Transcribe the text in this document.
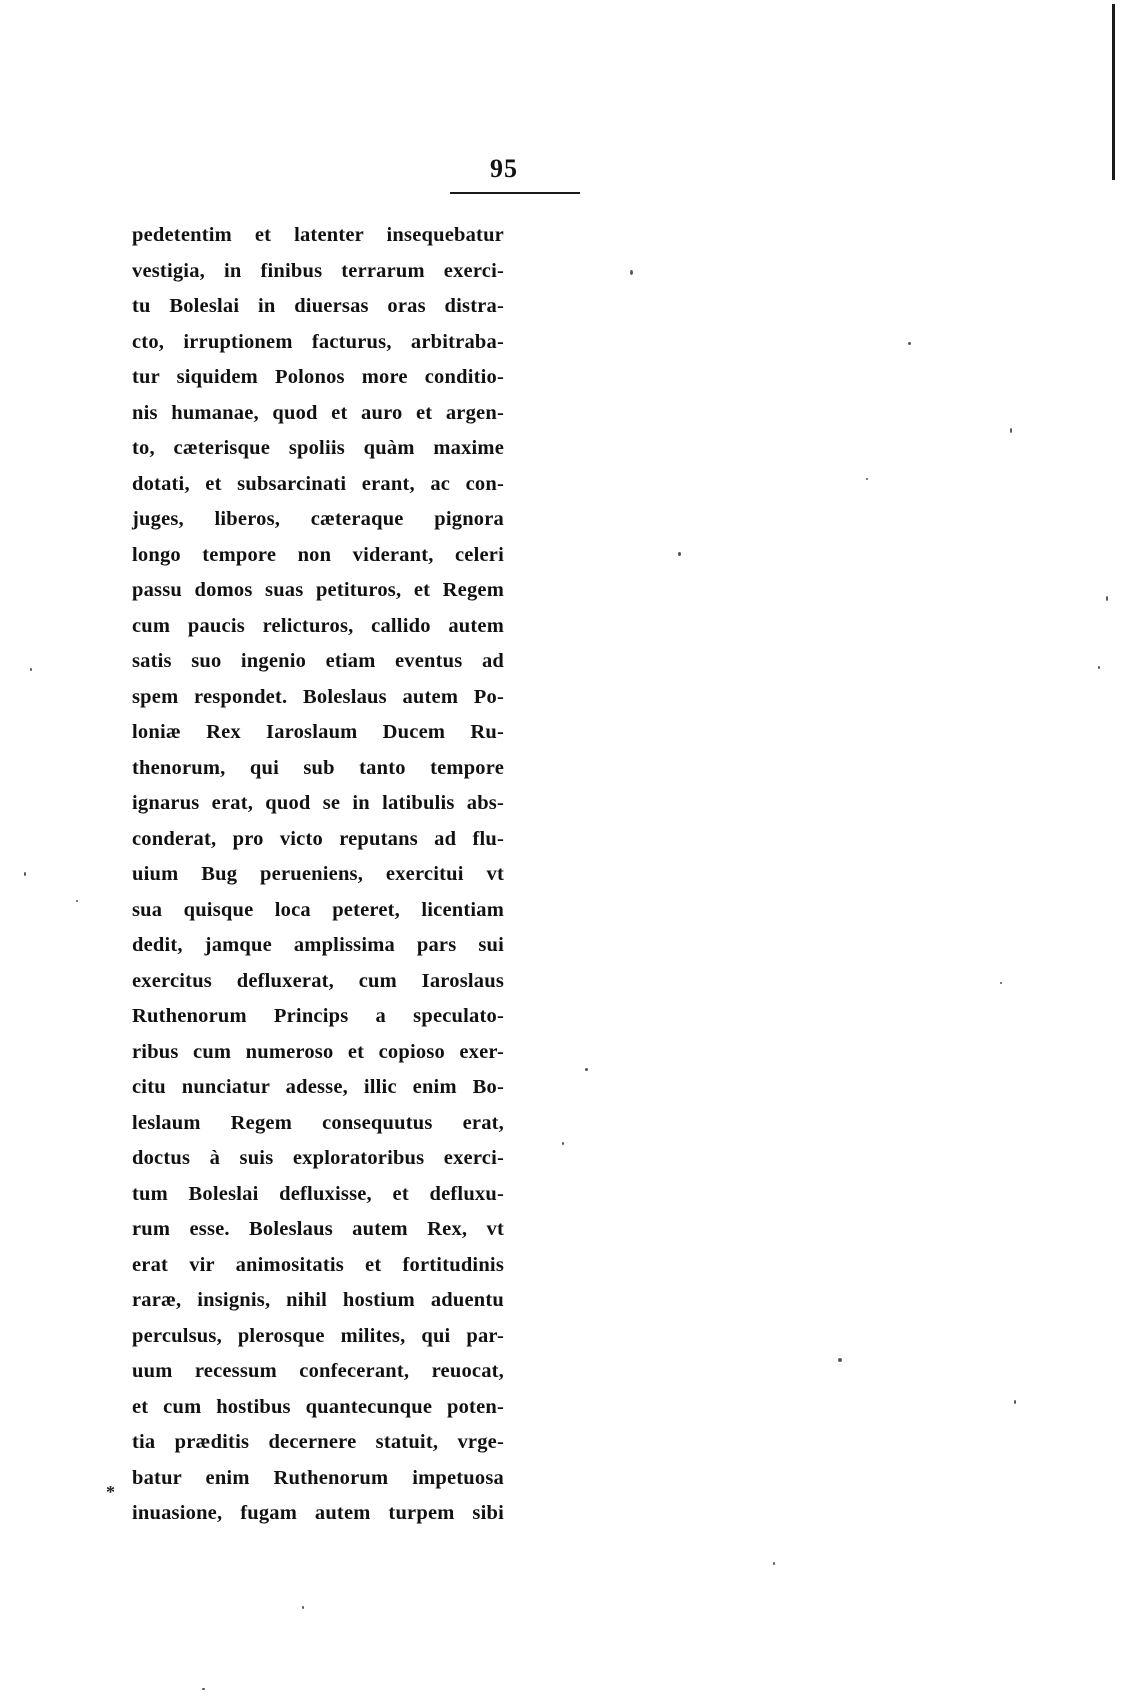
95
pedetentim et latenter insequebatur
vestigia, in finibus terrarum exerci-
tu Boleslai in diuersas oras distra-
cto, irruptionem facturus, arbitraba-
tur siquidem Polonos more conditio-
nis humanae, quod et auro et argen-
to, cæterisque spoliis quàm maxime
dotati, et subsarcinati erant, ac con-
juges, liberos, cæteraque pignora
longo tempore non viderant, celeri
passu domos suas petituros, et Regem
cum paucis relicturos, callido autem
satis suo ingenio etiam eventus ad
spem respondet. Boleslaus autem Po-
loniæ Rex Iaroslaum Ducem Ru-
thenorum, qui sub tanto tempore
ignarus erat, quod se in latibulis abs-
conderat, pro victo reputans ad flu-
uium Bug perueniens, exercitui vt
sua quisque loca peteret, licentiam
dedit, jamque amplissima pars sui
exercitus defluxerat, cum Iaroslaus
Ruthenorum Princips a speculato-
ribus cum numeroso et copioso exer-
citu nunciatur adesse, illic enim Bo-
leslaum Regem consequutus erat,
doctus à suis exploratoribus exerci-
tum Boleslai defluxisse, et defluxu-
rum esse. Boleslaus autem Rex, vt
erat vir animositatis et fortitudinis
raræ, insignis, nihil hostium aduentu
perculsus, plerosque milites, qui par-
uum recessum confecerant, reuocat,
et cum hostibus quantecunque poten-
tia præditis decernere statuit, vrge-
batur enim Ruthenorum impetuosa
inuasione, fugam autem turpem sibi
*
